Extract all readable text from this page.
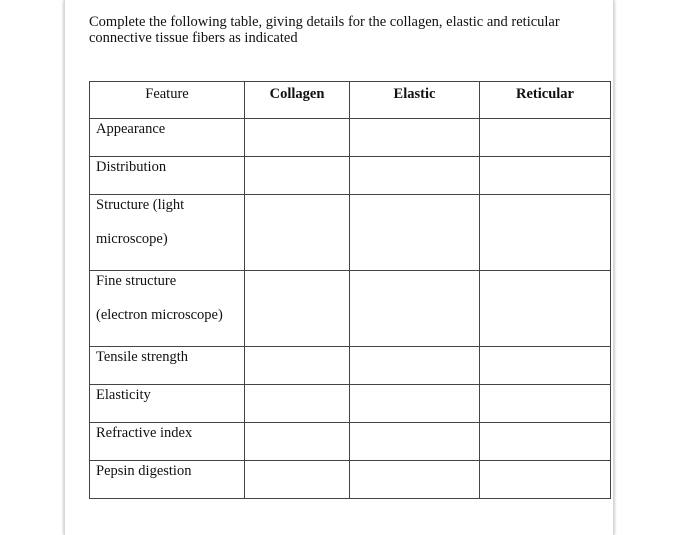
Complete the following table, giving details for the collagen, elastic and reticular
connective tissue fibers as indicated
Feature	Collagen	Elastic	Reticular

Appearance			

Distribution			

Structure (light
microscope)			

Fine structure
(electron microscope)			

Tensile strength			

Elasticity			

Refractive index			

Pepsin digestion			
